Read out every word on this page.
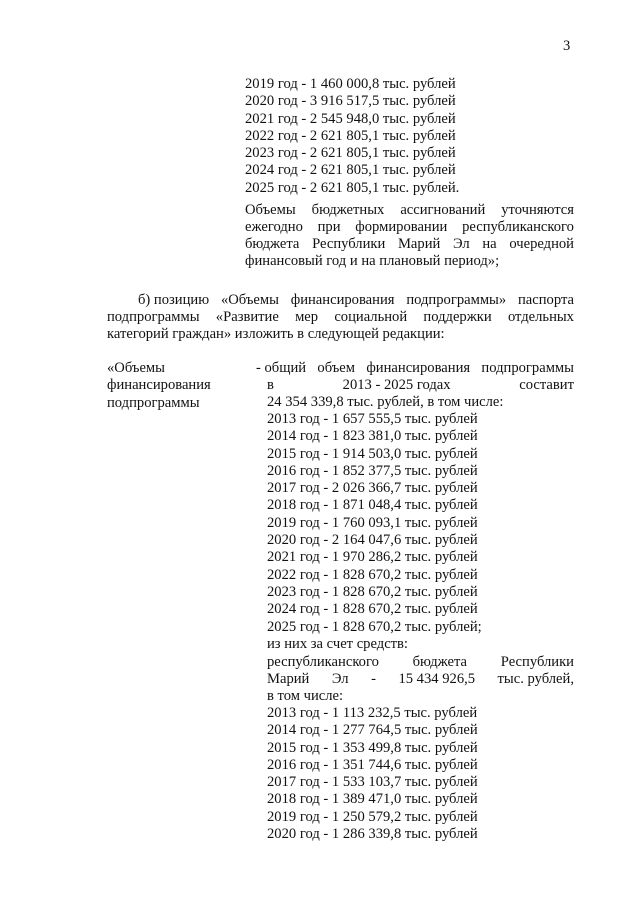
3
2019 год - 1 460 000,8 тыс. рублей
2020 год - 3 916 517,5 тыс. рублей
2021 год - 2 545 948,0 тыс. рублей
2022 год - 2 621 805,1 тыс. рублей
2023 год - 2 621 805,1 тыс. рублей
2024 год - 2 621 805,1 тыс. рублей
2025 год - 2 621 805,1 тыс. рублей.
Объемы бюджетных ассигнований уточняются
ежегодно при формировании республиканского
бюджета Республики Марий Эл на очередной
финансовый год и на плановый период»;
б) позицию «Объемы финансирования подпрограммы» паспорта
подпрограммы «Развитие мер социальной поддержки отдельных
категорий граждан» изложить в следующей редакции:
«Объемы
финансирования
подпрограммы
- общий объем финансирования подпрограммы
в	2013 - 2025 годах	составит
24 354 339,8 тыс. рублей, в том числе:
2013 год - 1 657 555,5 тыс. рублей
2014 год - 1 823 381,0 тыс. рублей
2015 год - 1 914 503,0 тыс. рублей
2016 год - 1 852 377,5 тыс. рублей
2017 год - 2 026 366,7 тыс. рублей
2018 год - 1 871 048,4 тыс. рублей
2019 год - 1 760 093,1 тыс. рублей
2020 год - 2 164 047,6 тыс. рублей
2021 год - 1 970 286,2 тыс. рублей
2022 год - 1 828 670,2 тыс. рублей
2023 год - 1 828 670,2 тыс. рублей
2024 год - 1 828 670,2 тыс. рублей
2025 год - 1 828 670,2 тыс. рублей;
из них за счет средств:
республиканского бюджета Республики
Марий Эл - 15 434 926,5 тыс. рублей,
в том числе:
2013 год - 1 113 232,5 тыс. рублей
2014 год - 1 277 764,5 тыс. рублей
2015 год - 1 353 499,8 тыс. рублей
2016 год - 1 351 744,6 тыс. рублей
2017 год - 1 533 103,7 тыс. рублей
2018 год - 1 389 471,0 тыс. рублей
2019 год - 1 250 579,2 тыс. рублей
2020 год - 1 286 339,8 тыс. рублей
